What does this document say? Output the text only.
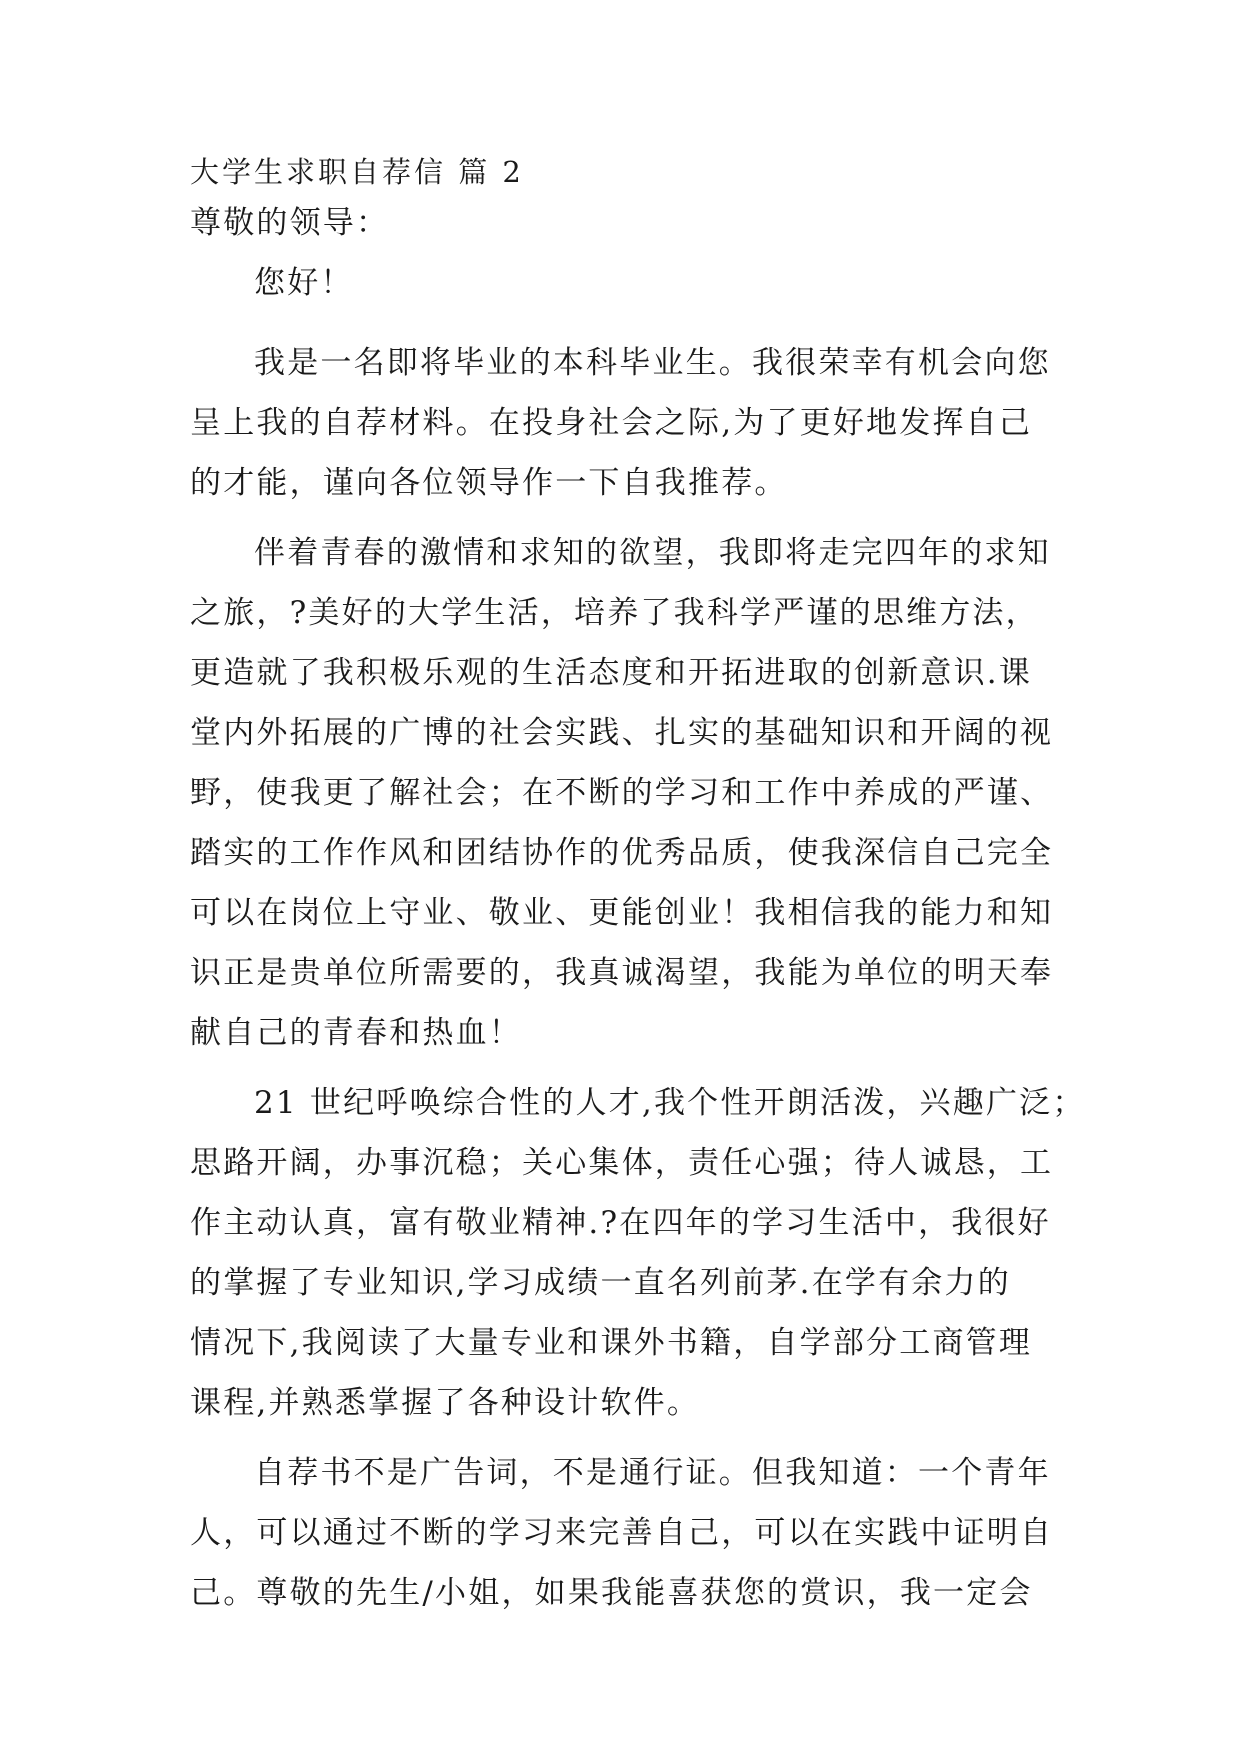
大学生求职自荐信 篇 2
尊敬的领导：
您好！
我是一名即将毕业的本科毕业生。我很荣幸有机会向您
呈上我的自荐材料。在投身社会之际,为了更好地发挥自己
的才能，谨向各位领导作一下自我推荐。
伴着青春的激情和求知的欲望，我即将走完四年的求知
之旅，?美好的大学生活，培养了我科学严谨的思维方法，
更造就了我积极乐观的生活态度和开拓进取的创新意识.课
堂内外拓展的广博的社会实践、扎实的基础知识和开阔的视
野，使我更了解社会；在不断的学习和工作中养成的严谨、
踏实的工作作风和团结协作的优秀品质，使我深信自己完全
可以在岗位上守业、敬业、更能创业！我相信我的能力和知
识正是贵单位所需要的，我真诚渴望，我能为单位的明天奉
献自己的青春和热血！
21 世纪呼唤综合性的人才,我个性开朗活泼，兴趣广泛；
思路开阔，办事沉稳；关心集体，责任心强；待人诚恳，工
作主动认真，富有敬业精神.?在四年的学习生活中，我很好
的掌握了专业知识,学习成绩一直名列前茅.在学有余力的
情况下,我阅读了大量专业和课外书籍，自学部分工商管理
课程,并熟悉掌握了各种设计软件。
自荐书不是广告词，不是通行证。但我知道：一个青年
人，可以通过不断的学习来完善自己，可以在实践中证明自
己。尊敬的先生/小姐，如果我能喜获您的赏识，我一定会
